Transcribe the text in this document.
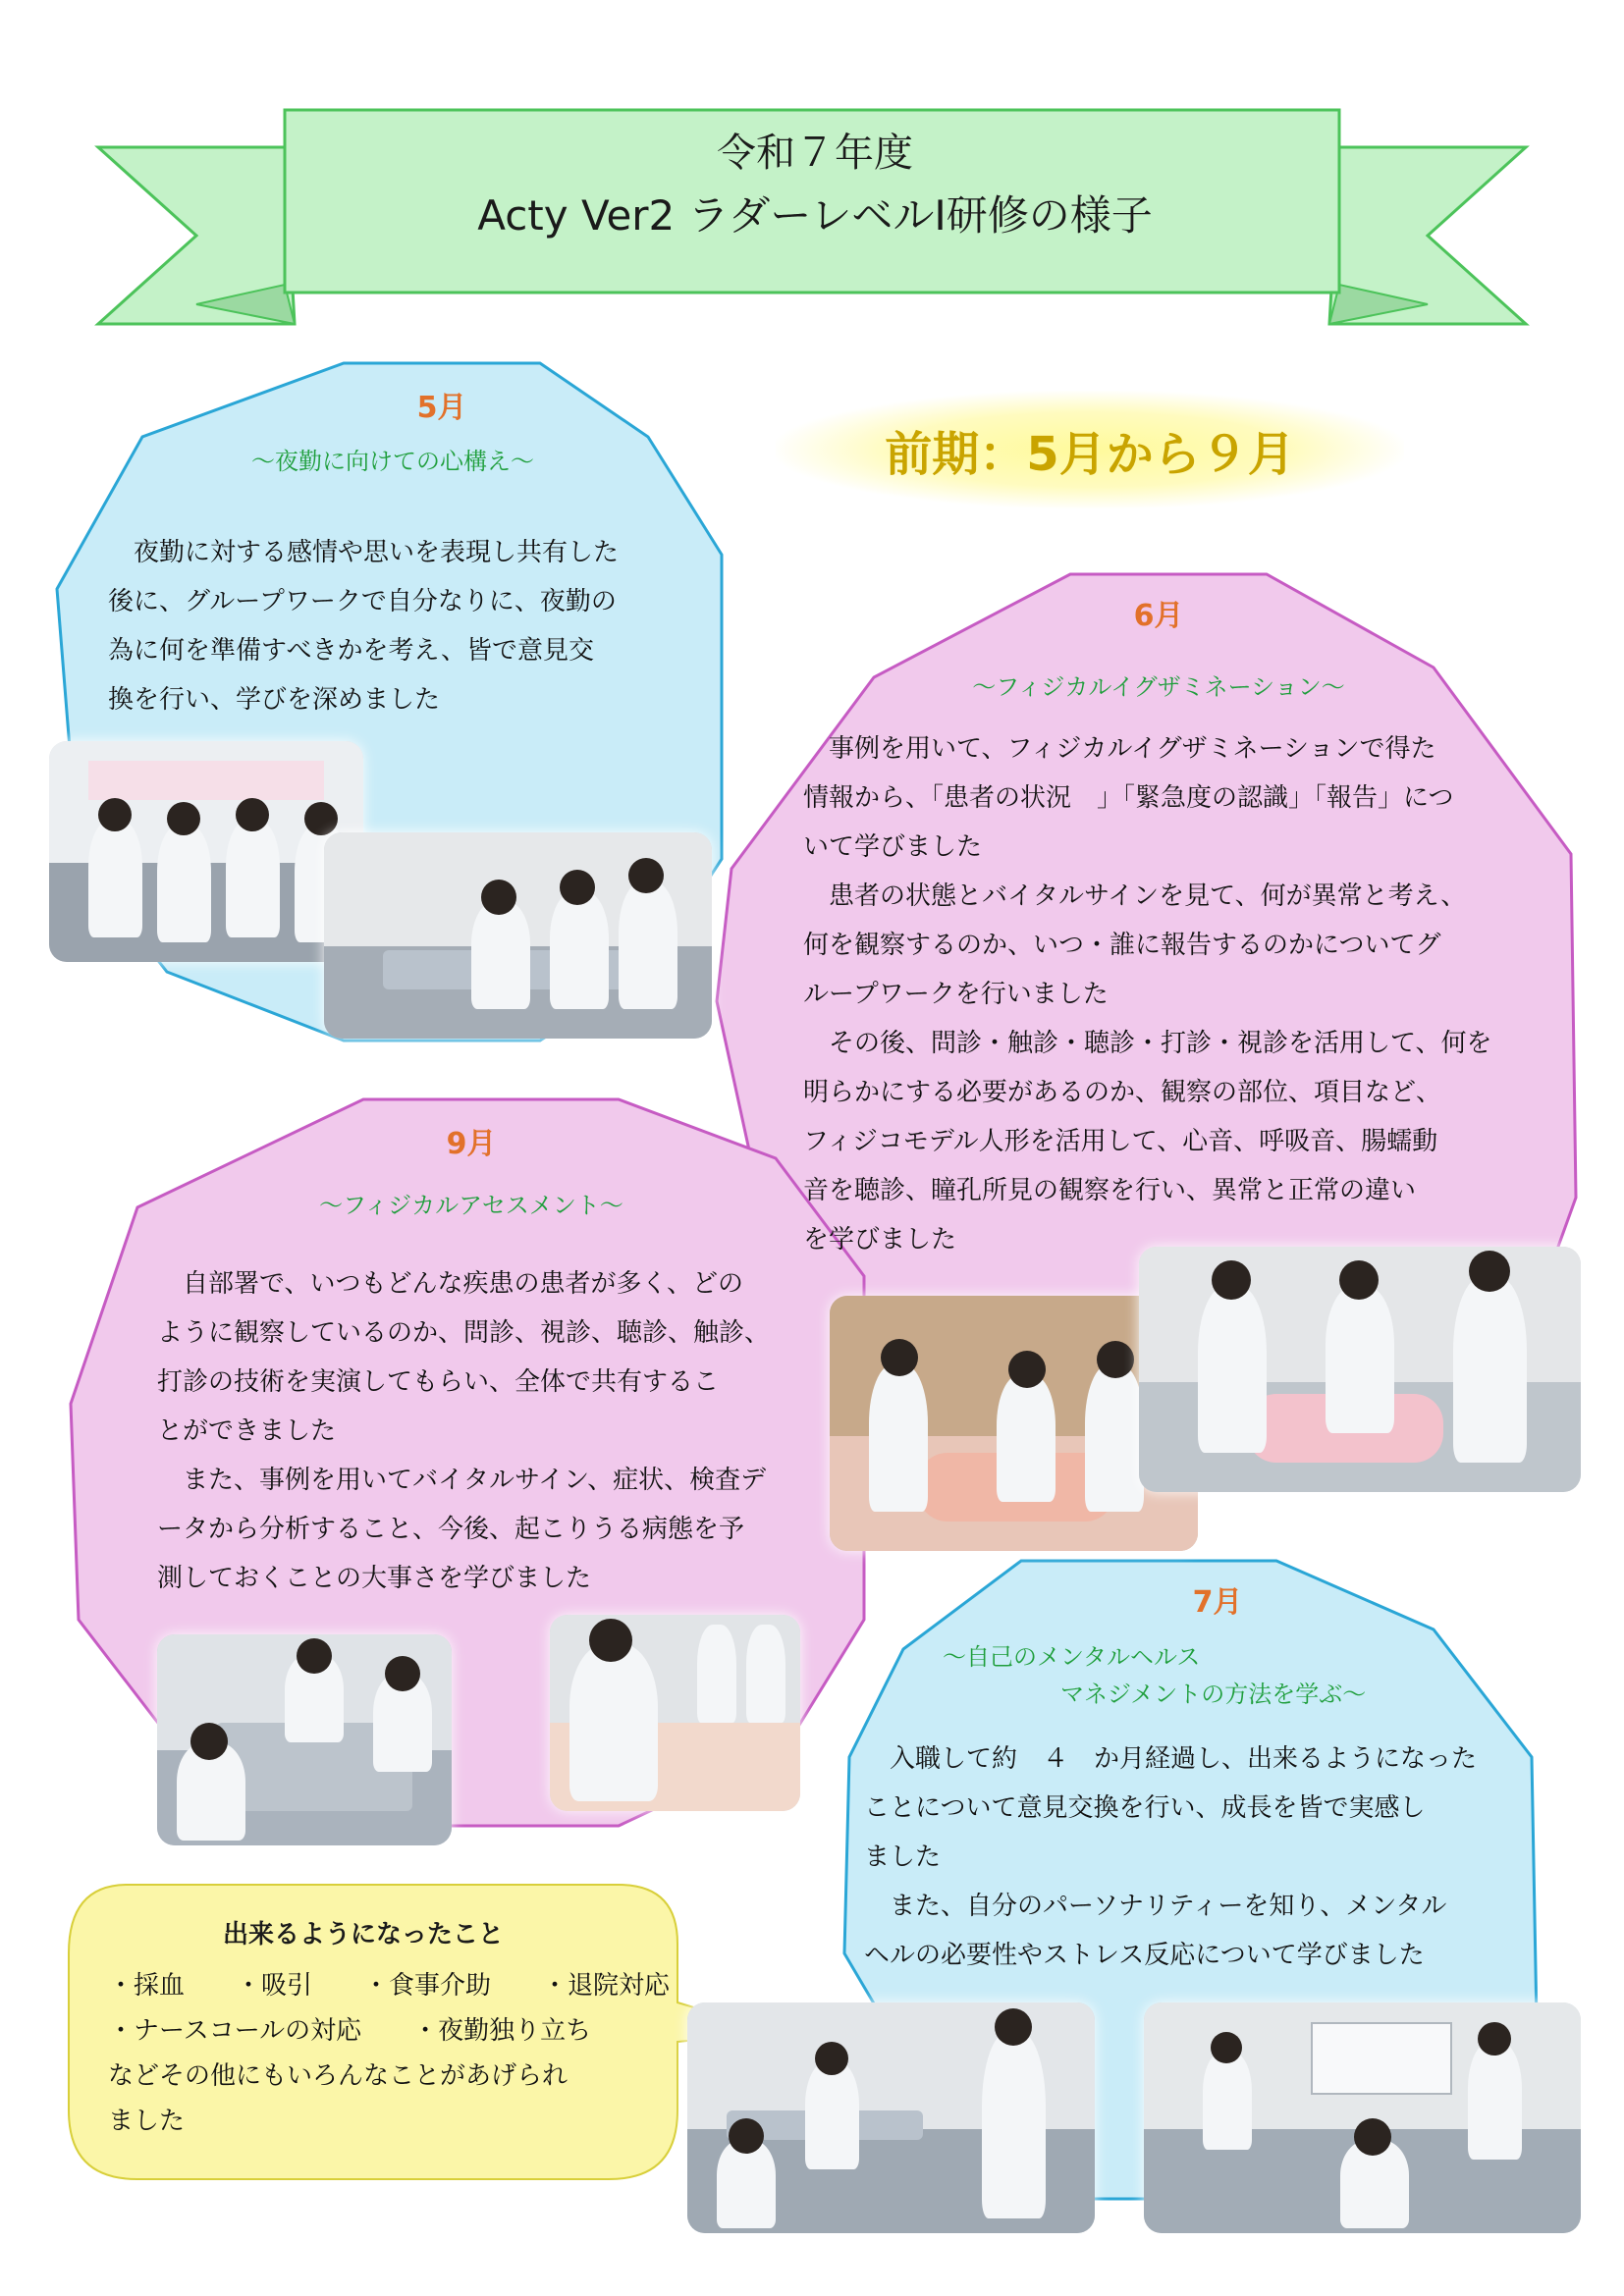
令和７年度
Acty Ver2 ラダーレベルⅠ研修の様子
前期：5月から９月
5月
～夜勤に向けての心構え～
　夜勤に対する感情や思いを表現し共有した
後に、グループワークで自分なりに、夜勤の
為に何を準備すべきかを考え、皆で意見交
換を行い、学びを深めました
6月
～フィジカルイグザミネーション～
　事例を用いて、フィジカルイグザミネーションで得た
情報から、「患者の状況　」「緊急度の認識」「報告」につ
いて学びました
　患者の状態とバイタルサインを見て、何が異常と考え、
何を観察するのか、いつ・誰に報告するのかについてグ
ループワークを行いました
　その後、問診・触診・聴診・打診・視診を活用して、何を
明らかにする必要があるのか、観察の部位、項目など、
フィジコモデル人形を活用して、心音、呼吸音、腸蠕動
音を聴診、瞳孔所見の観察を行い、異常と正常の違い
を学びました
9月
～フィジカルアセスメント～
　自部署で、いつもどんな疾患の患者が多く、どの
ように観察しているのか、問診、視診、聴診、触診、
打診の技術を実演してもらい、全体で共有するこ
とができました
　また、事例を用いてバイタルサイン、症状、検査デ
ータから分析すること、今後、起こりうる病態を予
測しておくことの大事さを学びました
7月
～自己のメンタルヘルス
マネジメントの方法を学ぶ～
　入職して約　４　か月経過し、出来るようになった
ことについて意見交換を行い、成長を皆で実感し
ました
　また、自分のパーソナリティーを知り、メンタル
ヘルの必要性やストレス反応について学びました
出来るようになったこと
・採血　　・吸引　　・食事介助　　・退院対応
・ナースコールの対応　　・夜勤独り立ち
などその他にもいろんなことがあげられ
ました
